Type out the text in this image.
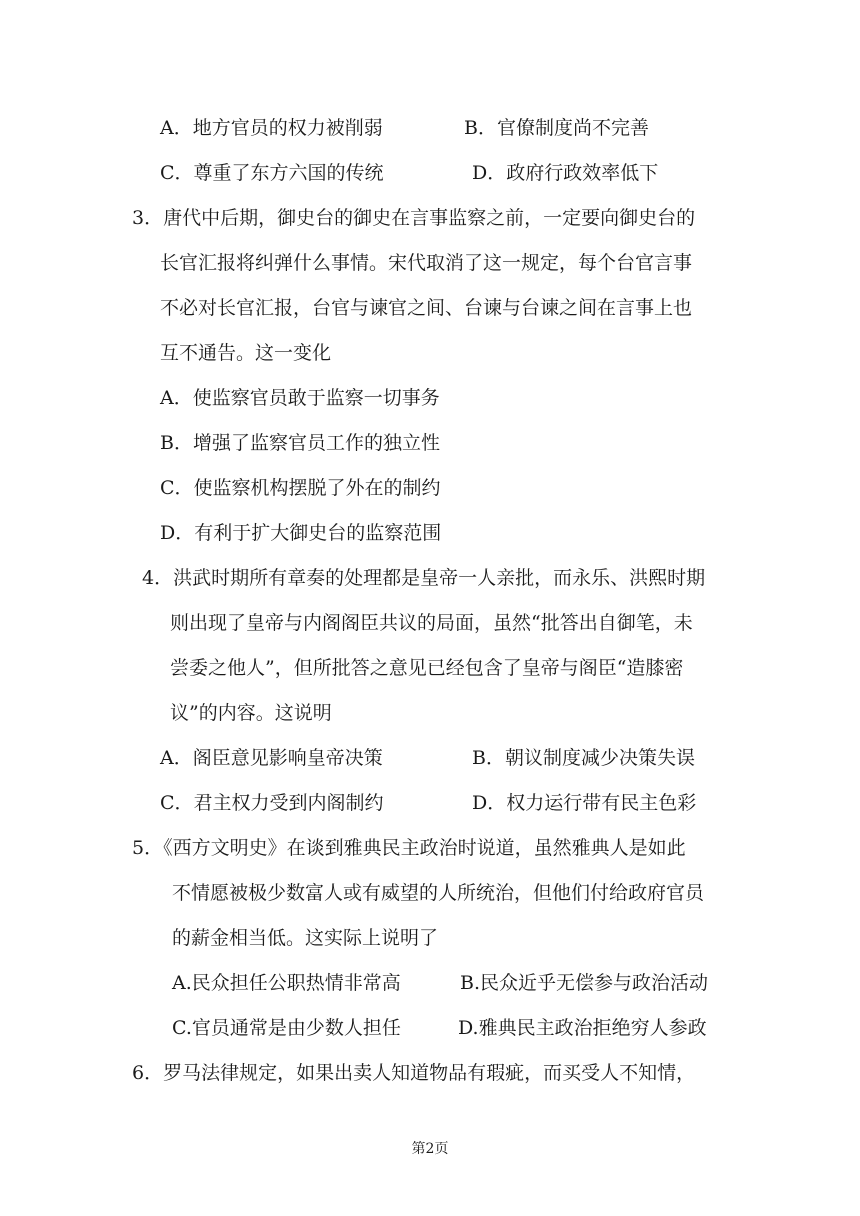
A．地方官员的权力被削弱	B．官僚制度尚不完善
C．尊重了东方六国的传统	D．政府行政效率低下
3．唐代中后期，御史台的御史在言事监察之前，一定要向御史台的
长官汇报将纠弹什么事情。宋代取消了这一规定，每个台官言事
不必对长官汇报，台官与谏官之间、台谏与台谏之间在言事上也
互不通告。这一变化
A．使监察官员敢于监察一切事务
B．增强了监察官员工作的独立性
C．使监察机构摆脱了外在的制约
D．有利于扩大御史台的监察范围
4．洪武时期所有章奏的处理都是皇帝一人亲批，而永乐、洪熙时期
则出现了皇帝与内阁阁臣共议的局面，虽然“批答出自御笔，未
尝委之他人”，但所批答之意见已经包含了皇帝与阁臣“造膝密
议”的内容。这说明
A．阁臣意见影响皇帝决策	B．朝议制度减少决策失误
C．君主权力受到内阁制约	D．权力运行带有民主色彩
5．《西方文明史》在谈到雅典民主政治时说道，虽然雅典人是如此
不情愿被极少数富人或有威望的人所统治，但他们付给政府官员
的薪金相当低。这实际上说明了
A.民众担任公职热情非常高	B.民众近乎无偿参与政治活动
C.官员通常是由少数人担任	D.雅典民主政治拒绝穷人参政
6．罗马法律规定，如果出卖人知道物品有瑕疵，而买受人不知情，
第2页
